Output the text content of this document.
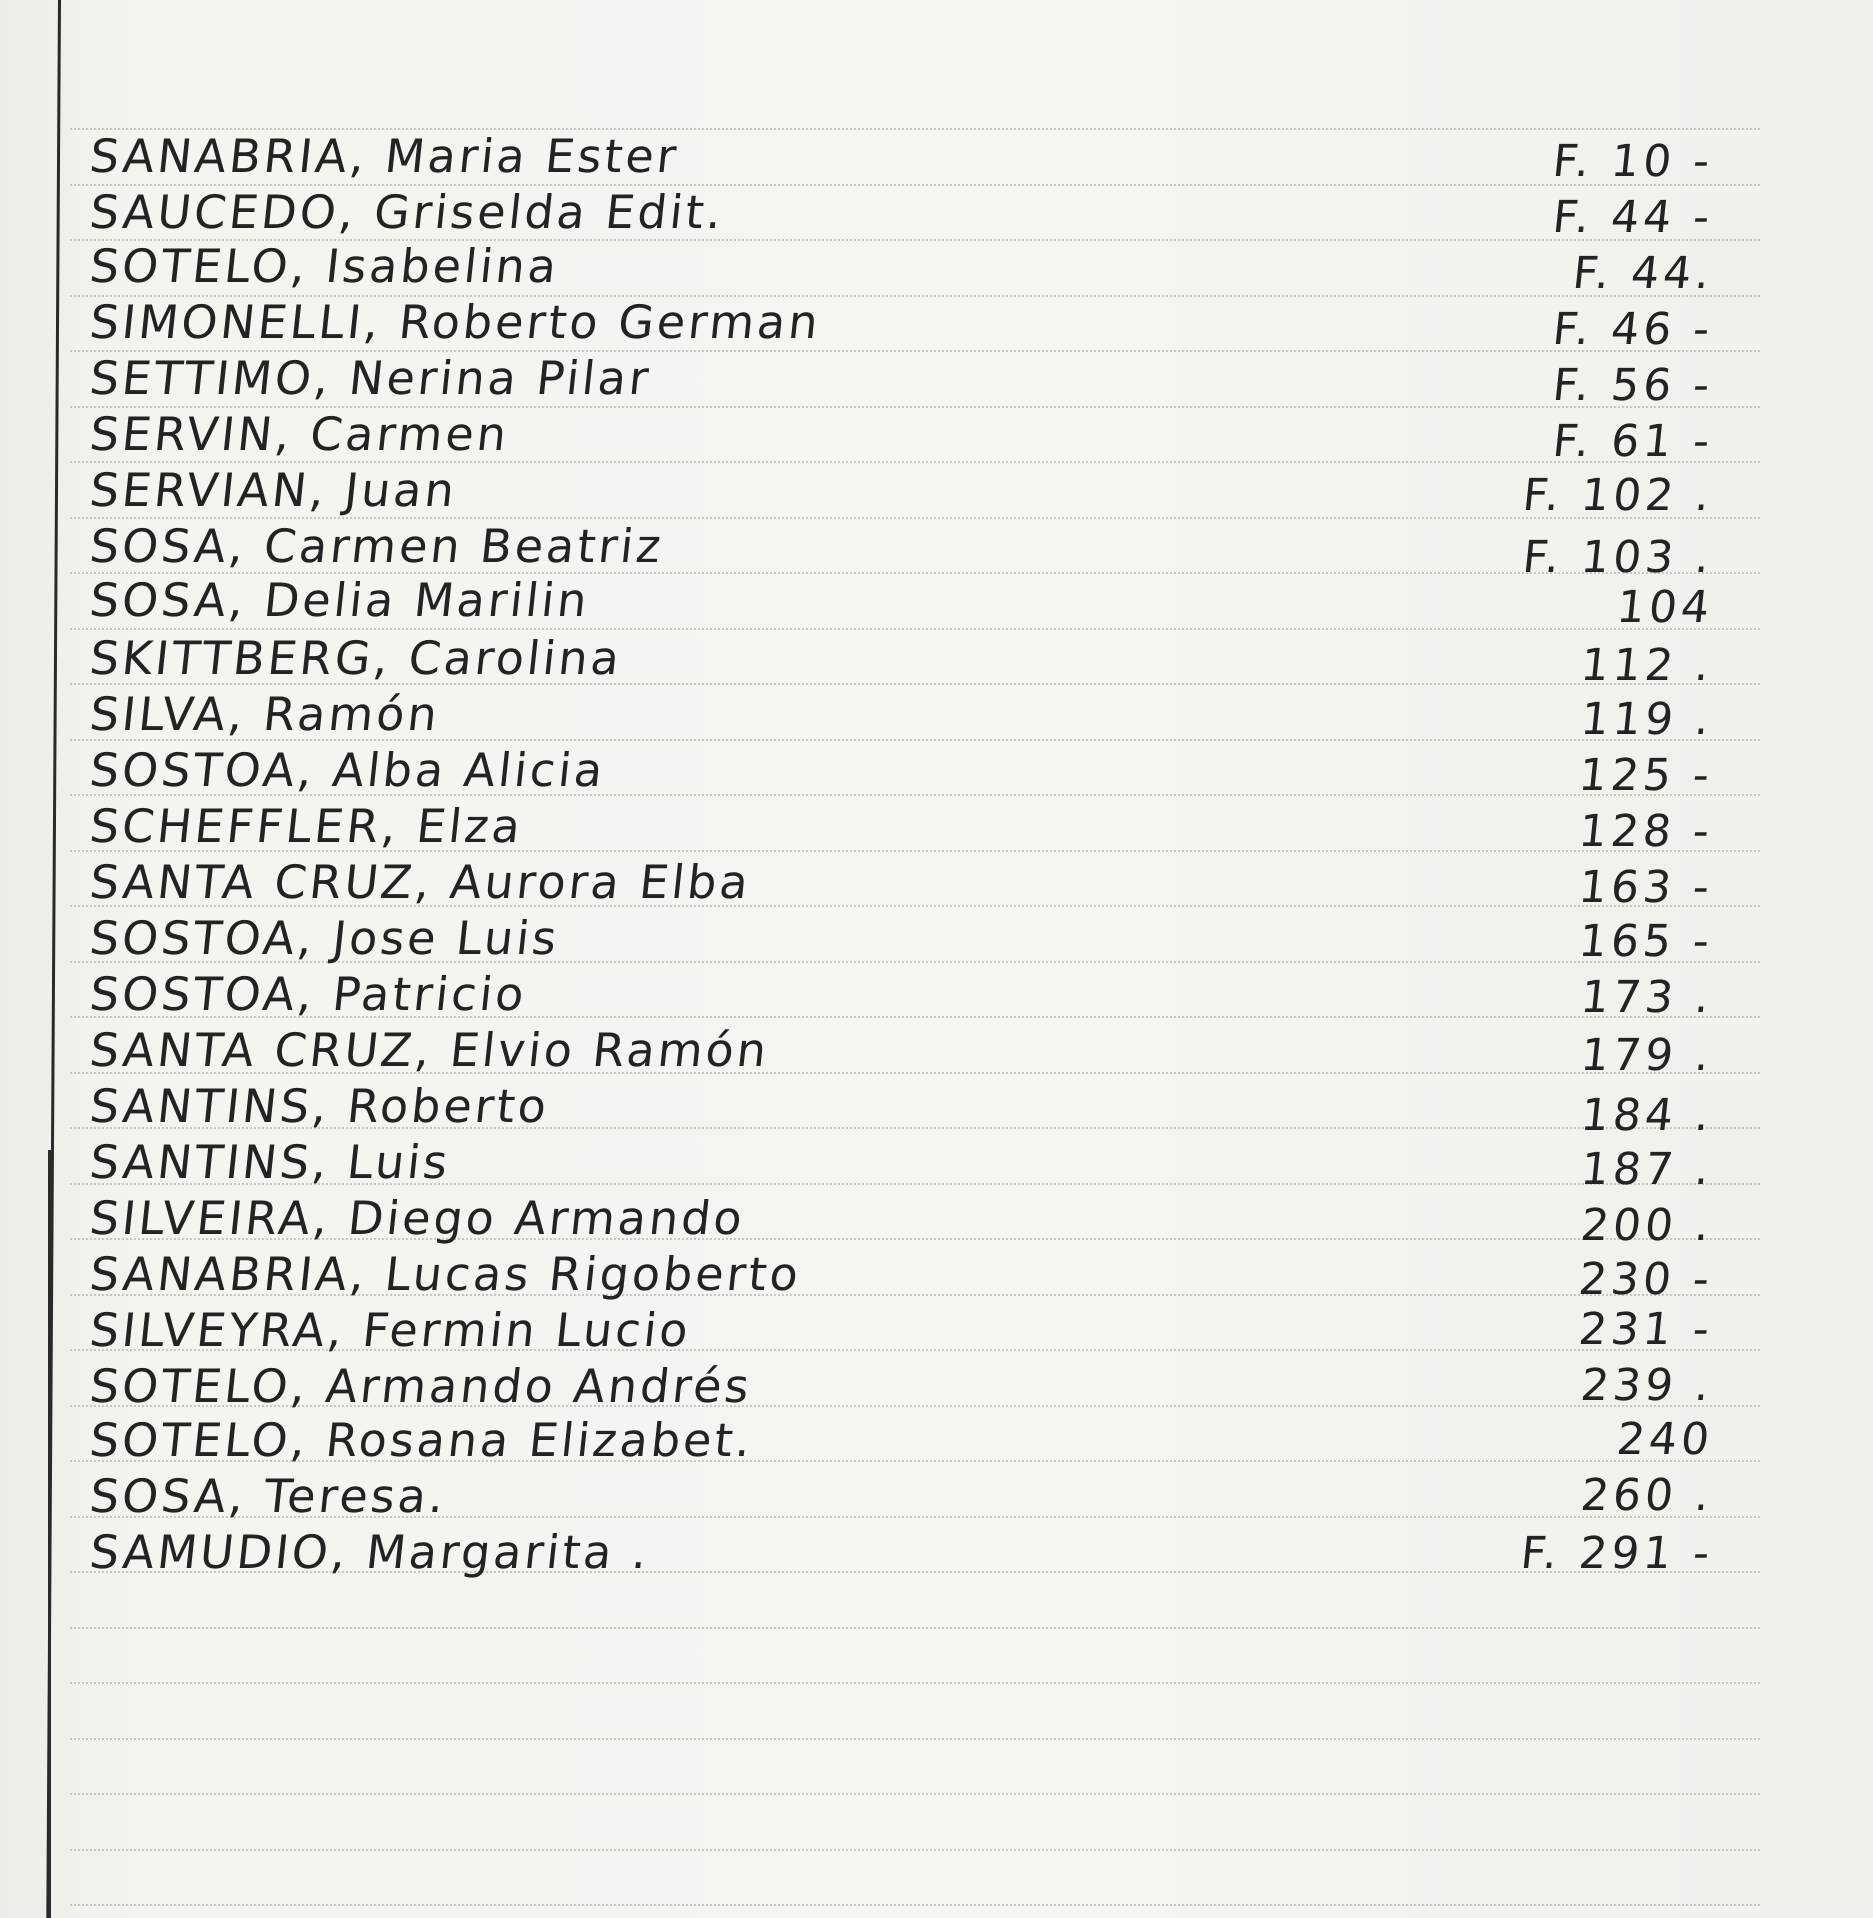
SANABRIA, Maria Ester	F. 10 -
SAUCEDO, Griselda Edit.	F. 44 -
SOTELO, Isabelina	F. 44.
SIMONELLI, Roberto German	F. 46 -
SETTIMO, Nerina Pilar	F. 56 -
SERVIN, Carmen	F. 61 -
SERVIAN, Juan	F. 102 .
SOSA, Carmen Beatriz	F. 103 .
SOSA, Delia Marilin	104
SKITTBERG, Carolina	112 .
SILVA, Ramón	119 .
SOSTOA, Alba Alicia	125 -
SCHEFFLER, Elza	128 -
SANTA CRUZ, Aurora Elba	163 -
SOSTOA, Jose Luis	165 -
SOSTOA, Patricio	173 .
SANTA CRUZ, Elvio Ramón	179 .
SANTINS, Roberto	184 .
SANTINS, Luis	187 .
SILVEIRA, Diego Armando	200 .
SANABRIA, Lucas Rigoberto	230 -
SILVEYRA, Fermin Lucio	231 -
SOTELO, Armando Andrés	239 .
SOTELO, Rosana Elizabet.	240
SOSA, Teresa.	260 .
SAMUDIO, Margarita .	F. 291 -
